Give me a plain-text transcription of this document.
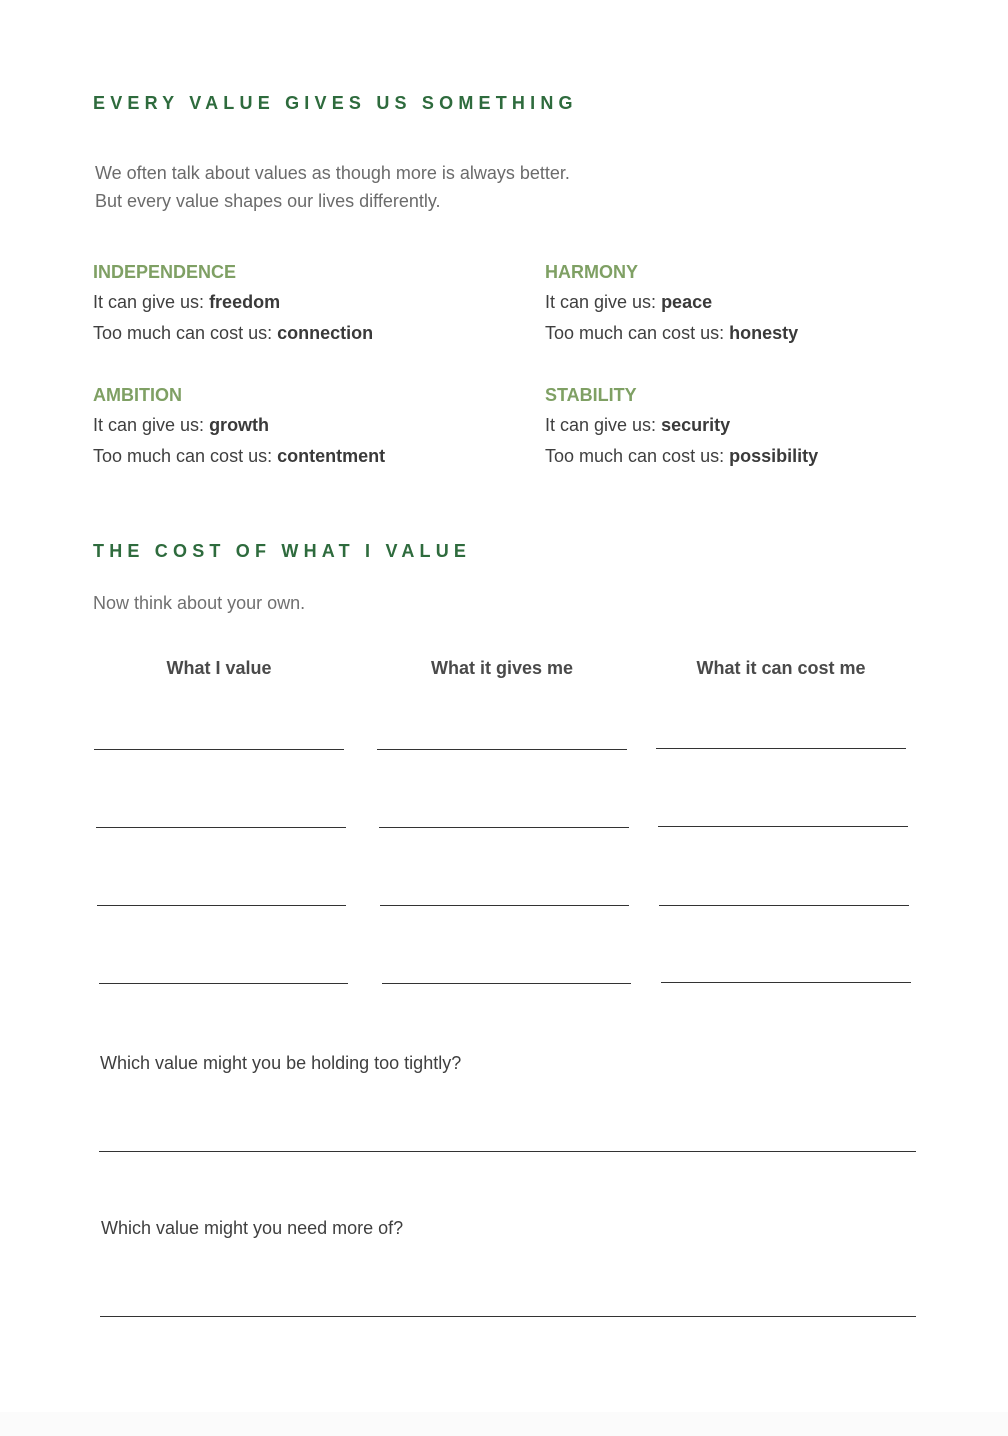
EVERY VALUE GIVES US SOMETHING
We often talk about values as though more is always better.
But every value shapes our lives differently.
INDEPENDENCE
It can give us: freedom
Too much can cost us: connection
HARMONY
It can give us: peace
Too much can cost us: honesty
AMBITION
It can give us: growth
Too much can cost us: contentment
STABILITY
It can give us: security
Too much can cost us: possibility
THE COST OF WHAT I VALUE
Now think about your own.
What I value	What it gives me	What it can cost me
Which value might you be holding too tightly?
Which value might you need more of?
